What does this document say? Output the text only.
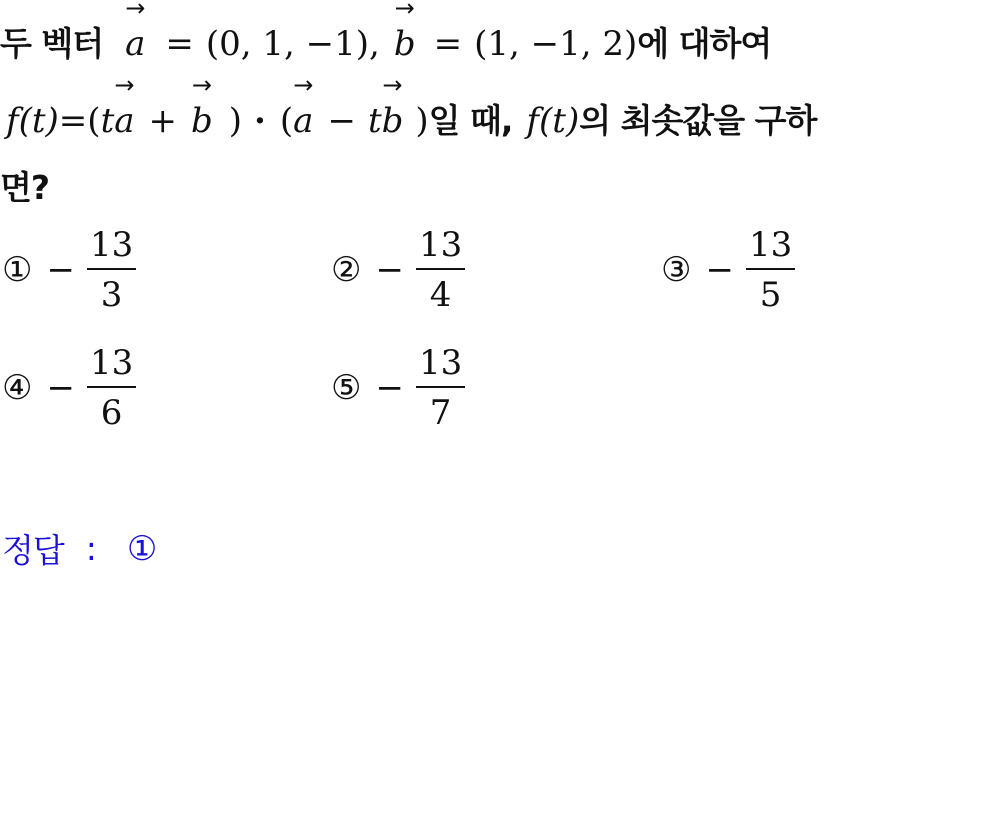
두 벡터
→
a = (0, 1, −1),
→
b = (1, −1, 2) 에 대하여
f (t) = ( t
→
a +
→
b ) · (
→
a − t
→
b ) 일 때, f (t) 의 최솟값을 구하
면?
① − $\frac{13}{3}$	② − $\frac{13}{4}$	③ − $\frac{13}{5}$
④ − $\frac{13}{6}$	⑤ − $\frac{13}{7}$
정답 : ①
